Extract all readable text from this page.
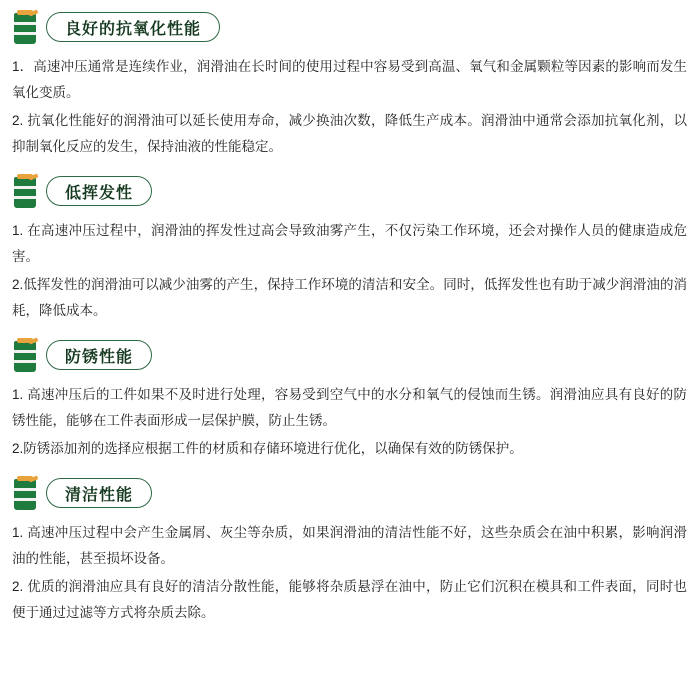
良好的抗氧化性能

1．高速冲压通常是连续作业，润滑油在长时间的使用过程中容易受到高温、氧气和金属颗粒等因素的影响而发生氧化变质。

2. 抗氧化性能好的润滑油可以延长使用寿命，减少换油次数，降低生产成本。润滑油中通常会添加抗氧化剂，以抑制氧化反应的发生，保持油液的性能稳定。

低挥发性

1. 在高速冲压过程中，润滑油的挥发性过高会导致油雾产生，不仅污染工作环境，还会对操作人员的健康造成危害。

2.低挥发性的润滑油可以减少油雾的产生，保持工作环境的清洁和安全。同时，低挥发性也有助于减少润滑油的消耗，降低成本。

防锈性能

1. 高速冲压后的工件如果不及时进行处理，容易受到空气中的水分和氧气的侵蚀而生锈。润滑油应具有良好的防锈性能，能够在工件表面形成一层保护膜，防止生锈。

2.防锈添加剂的选择应根据工件的材质和存储环境进行优化，以确保有效的防锈保护。

清洁性能

1. 高速冲压过程中会产生金属屑、灰尘等杂质，如果润滑油的清洁性能不好，这些杂质会在油中积累，影响润滑油的性能，甚至损坏设备。

2. 优质的润滑油应具有良好的清洁分散性能，能够将杂质悬浮在油中，防止它们沉积在模具和工件表面，同时也便于通过过滤等方式将杂质去除。
